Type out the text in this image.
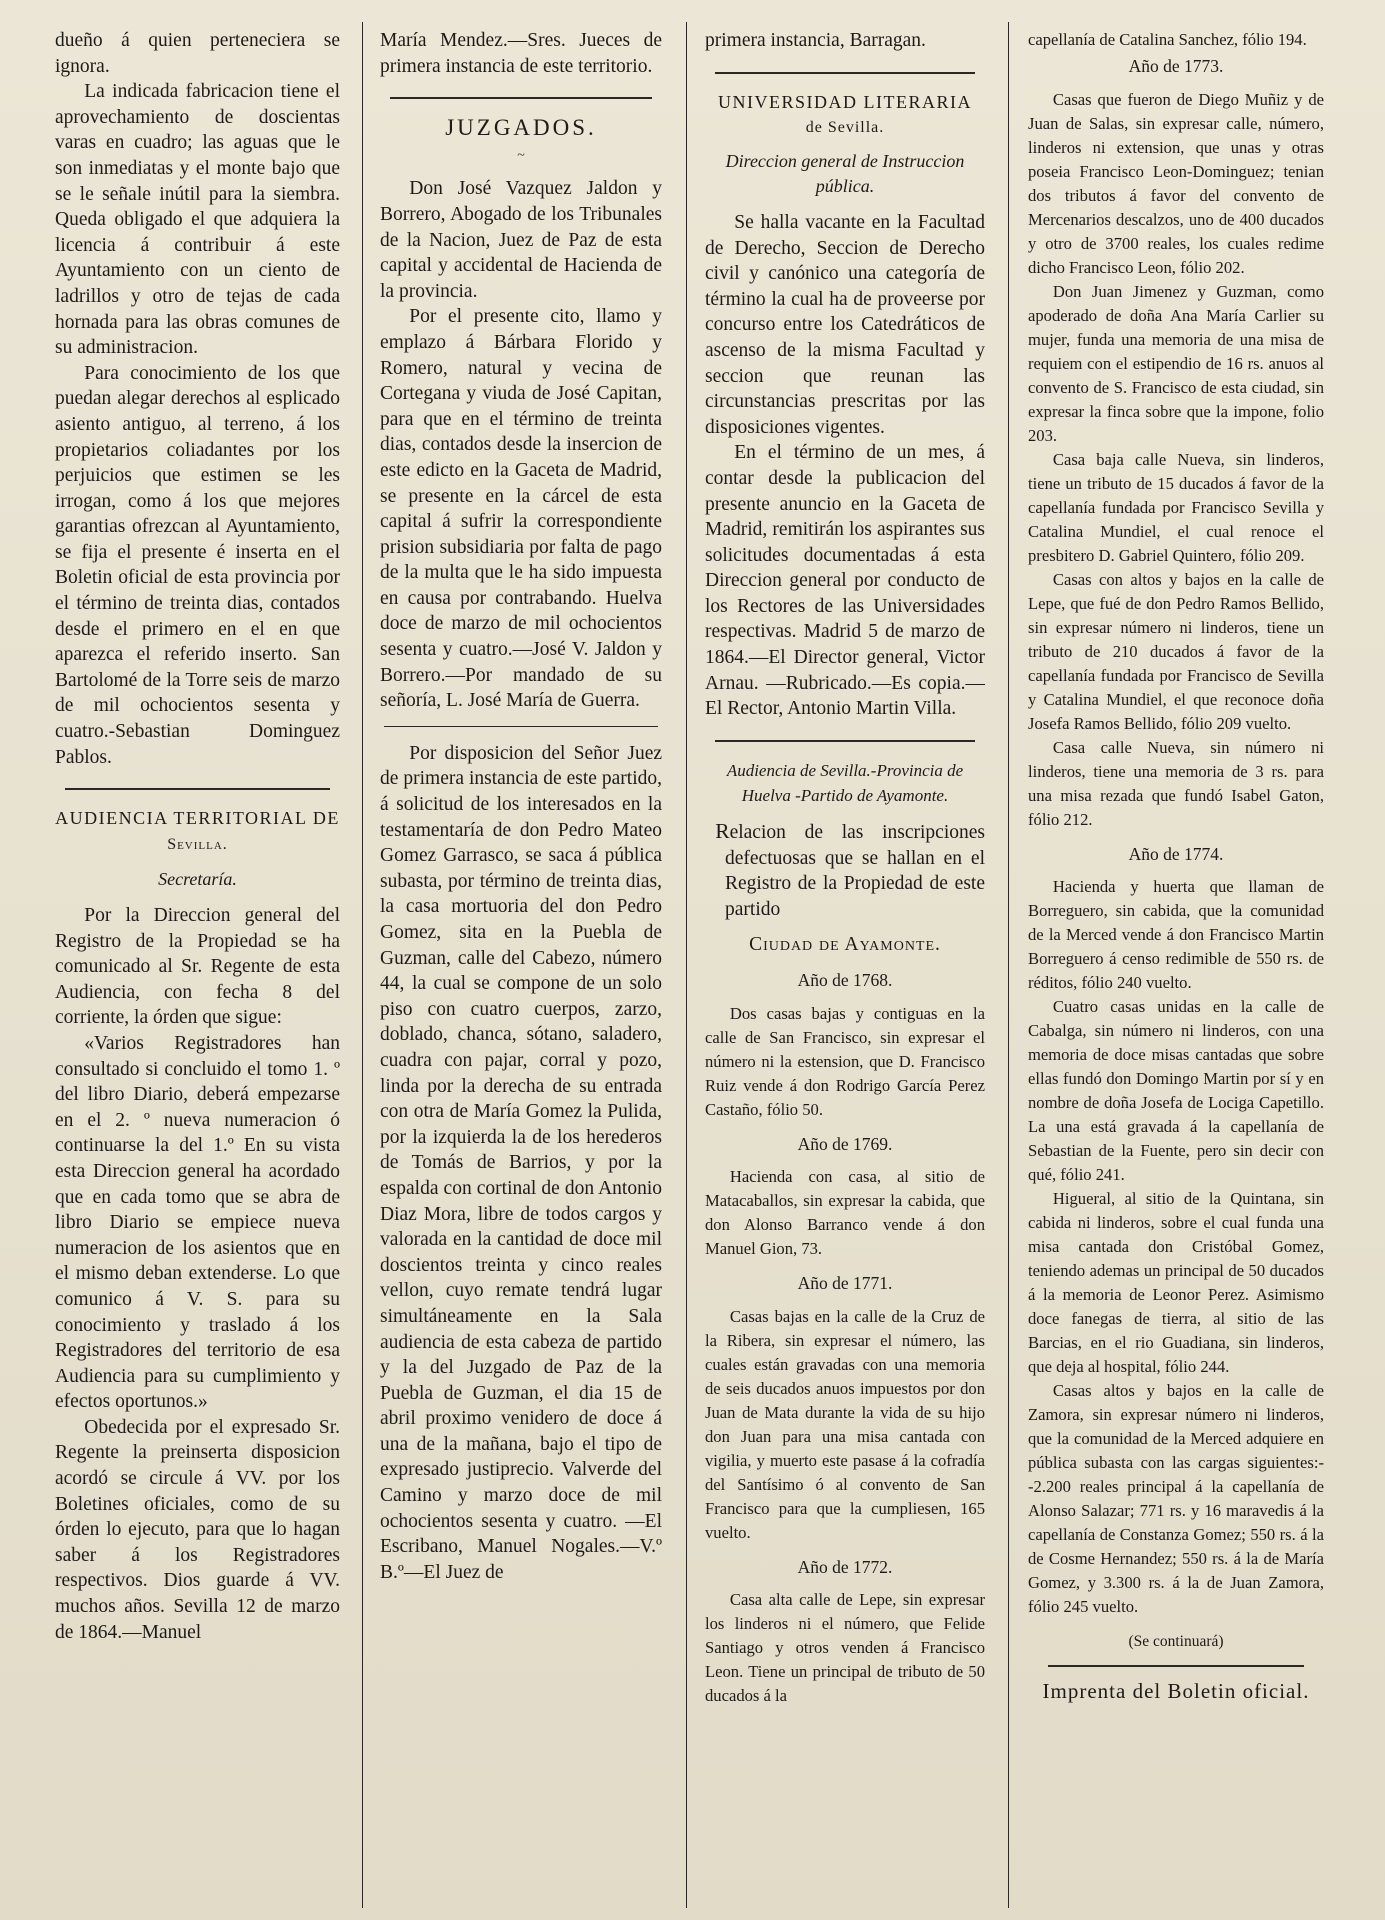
dueño á quien perteneciera se ignora.

La indicada fabricacion tiene el aprovechamiento de doscientas varas en cuadro; las aguas que le son inmediatas y el monte bajo que se le señale inútil para la siembra. Queda obligado el que adquiera la licencia á contribuir á este Ayuntamiento con un ciento de ladrillos y otro de tejas de cada hornada para las obras comunes de su administracion.

Para conocimiento de los que puedan alegar derechos al esplicado asiento antiguo, al terreno, á los propietarios coliadantes por los perjuicios que estimen se les irrogan, como á los que mejores garantias ofrezcan al Ayuntamiento, se fija el presente é inserta en el Boletin oficial de esta provincia por el término de treinta dias, contados desde el primero en el en que aparezca el referido inserto. San Bartolomé de la Torre seis de marzo de mil ochocientos sesenta y cuatro.-Sebastian Dominguez Pablos.

AUDIENCIA TERRITORIAL DE
Sevilla.
Secretaría.

Por la Direccion general del Registro de la Propiedad se ha comunicado al Sr. Regente de esta Audiencia, con fecha 8 del corriente, la órden que sigue:

«Varios Registradores han consultado si concluido el tomo 1. º del libro Diario, deberá empezarse en el 2. º nueva numeracion ó continuarse la del 1.º En su vista esta Direccion general ha acordado que en cada tomo que se abra de libro Diario se empiece nueva numeracion de los asientos que en el mismo deban extenderse. Lo que comunico á V. S. para su conocimiento y traslado á los Registradores del territorio de esa Audiencia para su cumplimiento y efectos oportunos.»

Obedecida por el expresado Sr. Regente la preinserta disposicion acordó se circule á VV. por los Boletines oficiales, como de su órden lo ejecuto, para que lo hagan saber á los Registradores respectivos. Dios guarde á VV. muchos años. Sevilla 12 de marzo de 1864.—Manuel

María Mendez.—Sres. Jueces de primera instancia de este territorio.

JUZGADOS.
~

Don José Vazquez Jaldon y Borrero, Abogado de los Tribunales de la Nacion, Juez de Paz de esta capital y accidental de Hacienda de la provincia.

Por el presente cito, llamo y emplazo á Bárbara Florido y Romero, natural y vecina de Cortegana y viuda de José Capitan, para que en el término de treinta dias, contados desde la insercion de este edicto en la Gaceta de Madrid, se presente en la cárcel de esta capital á sufrir la correspondiente prision subsidiaria por falta de pago de la multa que le ha sido impuesta en causa por contrabando. Huelva doce de marzo de mil ochocientos sesenta y cuatro.—José V. Jaldon y Borrero.—Por mandado de su señoría, L. José María de Guerra.

Por disposicion del Señor Juez de primera instancia de este partido, á solicitud de los interesados en la testamentaría de don Pedro Mateo Gomez Garrasco, se saca á pública subasta, por término de treinta dias, la casa mortuoria del don Pedro Gomez, sita en la Puebla de Guzman, calle del Cabezo, número 44, la cual se compone de un solo piso con cuatro cuerpos, zarzo, doblado, chanca, sótano, saladero, cuadra con pajar, corral y pozo, linda por la derecha de su entrada con otra de María Gomez la Pulida, por la izquierda la de los herederos de Tomás de Barrios, y por la espalda con cortinal de don Antonio Diaz Mora, libre de todos cargos y valorada en la cantidad de doce mil doscientos treinta y cinco reales vellon, cuyo remate tendrá lugar simultáneamente en la Sala audiencia de esta cabeza de partido y la del Juzgado de Paz de la Puebla de Guzman, el dia 15 de abril proximo venidero de doce á una de la mañana, bajo el tipo de expresado justiprecio. Valverde del Camino y marzo doce de mil ochocientos sesenta y cuatro. —El Escribano, Manuel Nogales.—V.º B.º—El Juez de

primera instancia, Barragan.

UNIVERSIDAD LITERARIA
de Sevilla.
Direccion general de Instruccion pública.

Se halla vacante en la Facultad de Derecho, Seccion de Derecho civil y canónico una categoría de término la cual ha de proveerse por concurso entre los Catedráticos de ascenso de la misma Facultad y seccion que reunan las circunstancias prescritas por las disposiciones vigentes.

En el término de un mes, á contar desde la publicacion del presente anuncio en la Gaceta de Madrid, remitirán los aspirantes sus solicitudes documentadas á esta Direccion general por conducto de los Rectores de las Universidades respectivas. Madrid 5 de marzo de 1864.—El Director general, Victor Arnau. —Rubricado.—Es copia.— El Rector, Antonio Martin Villa.

Audiencia de Sevilla.-Provincia de Huelva -Partido de Ayamonte.

Relacion de las inscripciones defectuosas que se hallan en el Registro de la Propiedad de este partido

Ciudad de Ayamonte.
Año de 1768.

Dos casas bajas y contiguas en la calle de San Francisco, sin expresar el número ni la estension, que D. Francisco Ruiz vende á don Rodrigo García Perez Castaño, fólio 50.

Año de 1769.

Hacienda con casa, al sitio de Matacaballos, sin expresar la cabida, que don Alonso Barranco vende á don Manuel Gion, 73.

Año de 1771.

Casas bajas en la calle de la Cruz de la Ribera, sin expresar el número, las cuales están gravadas con una memoria de seis ducados anuos impuestos por don Juan de Mata durante la vida de su hijo don Juan para una misa cantada con vigilia, y muerto este pasase á la cofradía del Santísimo ó al convento de San Francisco para que la cumpliesen, 165 vuelto.

Año de 1772.

Casa alta calle de Lepe, sin expresar los linderos ni el número, que Felide Santiago y otros venden á Francisco Leon. Tiene un principal de tributo de 50 ducados á la

capellanía de Catalina Sanchez, fólio 194.

Año de 1773.

Casas que fueron de Diego Muñiz y de Juan de Salas, sin expresar calle, número, linderos ni extension, que unas y otras poseia Francisco Leon-Dominguez; tenian dos tributos á favor del convento de Mercenarios descalzos, uno de 400 ducados y otro de 3700 reales, los cuales redime dicho Francisco Leon, fólio 202.

Don Juan Jimenez y Guzman, como apoderado de doña Ana María Carlier su mujer, funda una memoria de una misa de requiem con el estipendio de 16 rs. anuos al convento de S. Francisco de esta ciudad, sin expresar la finca sobre que la impone, folio 203.

Casa baja calle Nueva, sin linderos, tiene un tributo de 15 ducados á favor de la capellanía fundada por Francisco Sevilla y Catalina Mundiel, el cual renoce el presbitero D. Gabriel Quintero, fólio 209.

Casas con altos y bajos en la calle de Lepe, que fué de don Pedro Ramos Bellido, sin expresar número ni linderos, tiene un tributo de 210 ducados á favor de la capellanía fundada por Francisco de Sevilla y Catalina Mundiel, el que reconoce doña Josefa Ramos Bellido, fólio 209 vuelto.

Casa calle Nueva, sin número ni linderos, tiene una memoria de 3 rs. para una misa rezada que fundó Isabel Gaton, fólio 212.

Año de 1774.

Hacienda y huerta que llaman de Borreguero, sin cabida, que la comunidad de la Merced vende á don Francisco Martin Borreguero á censo redimible de 550 rs. de réditos, fólio 240 vuelto.

Cuatro casas unidas en la calle de Cabalga, sin número ni linderos, con una memoria de doce misas cantadas que sobre ellas fundó don Domingo Martin por sí y en nombre de doña Josefa de Lociga Capetillo. La una está gravada á la capellanía de Sebastian de la Fuente, pero sin decir con qué, fólio 241.

Higueral, al sitio de la Quintana, sin cabida ni linderos, sobre el cual funda una misa cantada don Cristóbal Gomez, teniendo ademas un principal de 50 ducados á la memoria de Leonor Perez. Asimismo doce fanegas de tierra, al sitio de las Barcias, en el rio Guadiana, sin linderos, que deja al hospital, fólio 244.

Casas altos y bajos en la calle de Zamora, sin expresar número ni linderos, que la comunidad de la Merced adquiere en pública subasta con las cargas siguientes:--2.200 reales principal á la capellanía de Alonso Salazar; 771 rs. y 16 maravedis á la capellanía de Constanza Gomez; 550 rs. á la de Cosme Hernandez; 550 rs. á la de María Gomez, y 3.300 rs. á la de Juan Zamora, fólio 245 vuelto.

(Se continuará)
Imprenta del Boletin oficial.
